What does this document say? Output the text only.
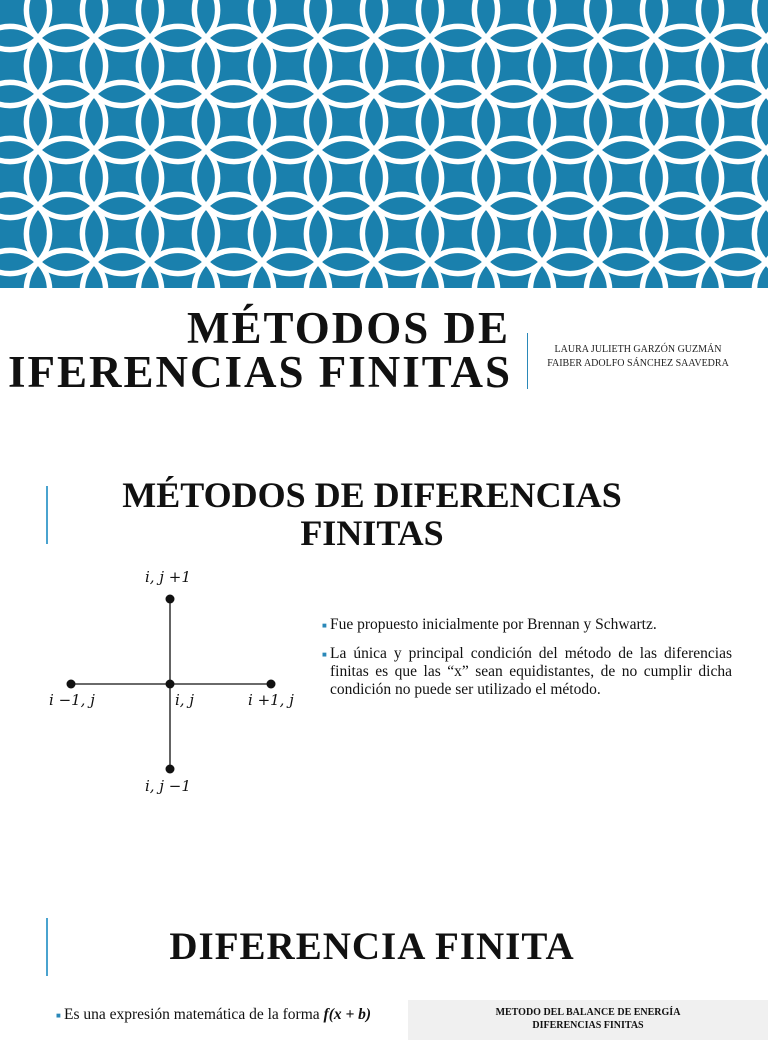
MÉTODOS DE

IFERENCIAS FINITAS	LAURA JULIETH GARZÓN GUZMÁN
FAIBER ADOLFO SÁNCHEZ SAAVEDRA
MÉTODOS DE DIFERENCIAS
FINITAS
i, j +1
i, j
i −1, j	i +1, j
i, j −1
■ Fue propuesto inicialmente por Brennan y Schwartz.
■ La única y principal condición del método de las diferencias finitas es que las “x” sean equidistantes, de no cumplir dicha condición no puede ser utilizado el método.
DIFERENCIA FINITA
■ Es una expresión matemática de la forma f(x + b)	METODO DEL BALANCE DE ENERGÍA
DIFERENCIAS FINITAS
